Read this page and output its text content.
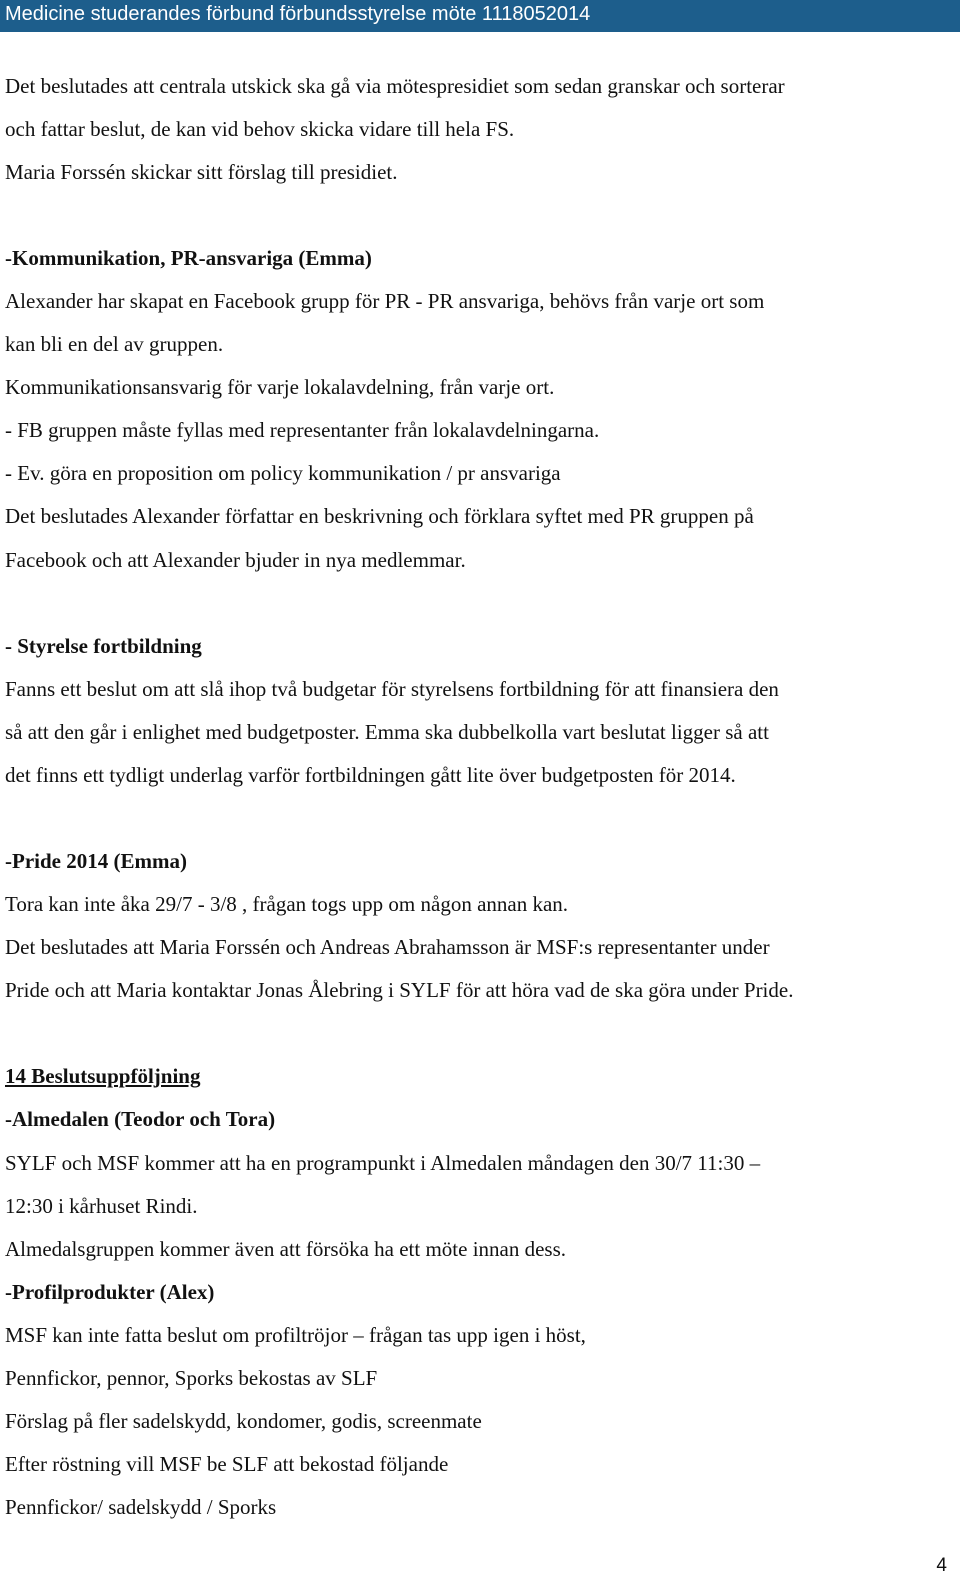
Medicine studerandes förbund förbundsstyrelse möte 1118052014
Det beslutades att centrala utskick ska gå via mötespresidiet som sedan granskar och sorterar
och fattar beslut, de kan vid behov skicka vidare till hela FS.
Maria Forssén skickar sitt förslag till presidiet.
-Kommunikation, PR-ansvariga (Emma)
Alexander har skapat en Facebook grupp för PR - PR ansvariga, behövs från varje ort som
kan bli en del av gruppen.
Kommunikationsansvarig för varje lokalavdelning, från varje ort.
- FB gruppen måste fyllas med representanter från lokalavdelningarna.
- Ev. göra en proposition om policy kommunikation / pr ansvariga
Det beslutades Alexander författar en beskrivning och förklara syftet med PR gruppen på
Facebook och att Alexander bjuder in nya medlemmar.
- Styrelse fortbildning
Fanns ett beslut om att slå ihop två budgetar för styrelsens fortbildning för att finansiera den
så att den går i enlighet med budgetposter. Emma ska dubbelkolla vart beslutat ligger så att
det finns ett tydligt underlag varför fortbildningen gått lite över budgetposten för 2014.
-Pride 2014 (Emma)
Tora kan inte åka 29/7 - 3/8 , frågan togs upp om någon annan kan.
Det beslutades att Maria Forssén och Andreas Abrahamsson är MSF:s representanter under
Pride och att Maria kontaktar Jonas Ålebring i SYLF för att höra vad de ska göra under Pride.
14 Beslutsuppföljning
-Almedalen (Teodor och Tora)
SYLF och MSF kommer att ha en programpunkt i Almedalen måndagen den 30/7 11:30 –
12:30 i kårhuset Rindi.
Almedalsgruppen kommer även att försöka ha ett möte innan dess.
-Profilprodukter (Alex)
MSF kan inte fatta beslut om profiltröjor – frågan tas upp igen i höst,
Pennfickor, pennor, Sporks bekostas av SLF
Förslag på fler sadelskydd, kondomer, godis, screenmate
Efter röstning vill MSF be SLF att bekostad följande
Pennfickor/ sadelskydd / Sporks
4
